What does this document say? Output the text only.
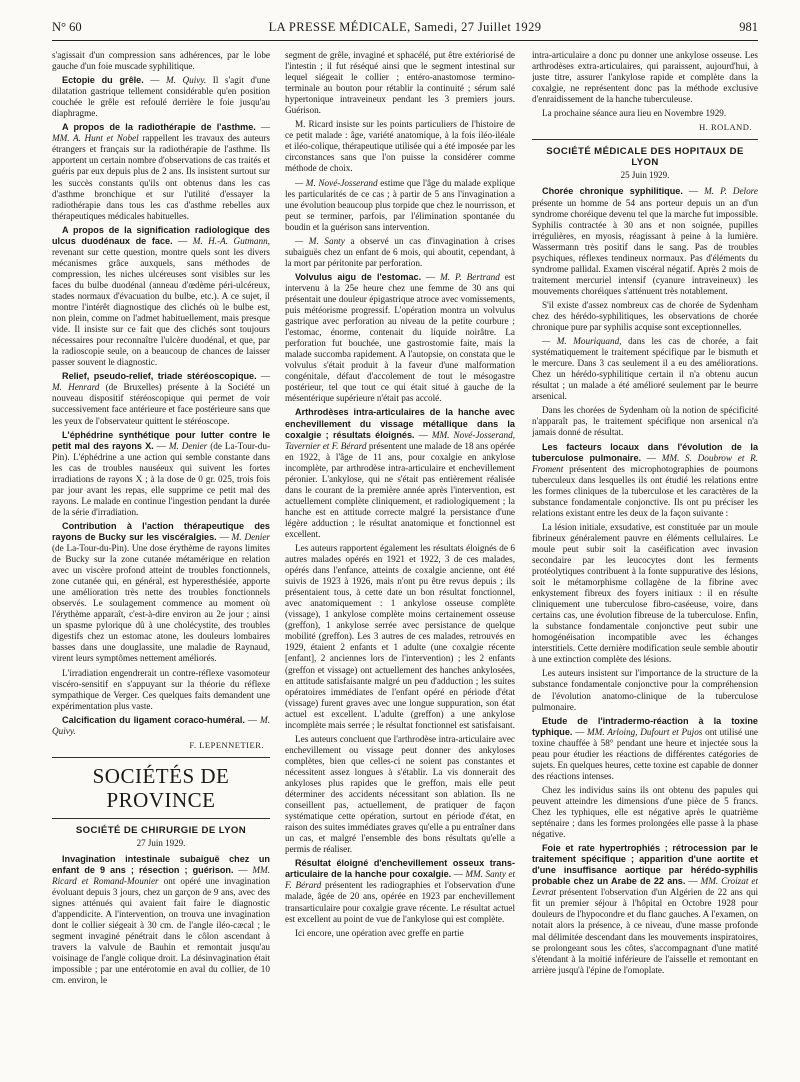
N° 60	LA PRESSE MÉDICALE, Samedi, 27 Juillet 1929	981

s'agissait d'un compression sans adhérences, par le lobe gauche d'un foie muscade syphilitique.

Ectopie du grêle. — M. Quivy. Il s'agit d'une dilatation gastrique tellement considérable qu'en position couchée le grêle est refoulé derrière le foie jusqu'au diaphragme.

A propos de la radiothérapie de l'asthme. — MM. A. Hunt et Nobel rappellent les travaux des auteurs étrangers et français sur la radiothérapie de l'asthme. Ils apportent un certain nombre d'observations de cas traités et guéris par eux depuis plus de 2 ans. Ils insistent surtout sur les succès constants qu'ils ont obtenus dans les cas d'asthme bronchique et sur l'utilité d'essayer la radiothérapie dans tous les cas d'asthme rebelles aux thérapeutiques médicales habituelles.

A propos de la signification radiologique des ulcus duodénaux de face. — M. H.-A. Gutmann, revenant sur cette question, montre quels sont les divers mécanismes grâce auxquels, sans méthodes de compression, les niches ulcéreuses sont visibles sur les faces du bulbe duodénal (anneau d'œdème péri-ulcéreux, stades normaux d'évacuation du bulbe, etc.). A ce sujet, il montre l'intérêt diagnostique des clichés où le bulbe est, non plein, comme on l'admet habituellement, mais presque vide. Il insiste sur ce fait que des clichés sont toujours nécessaires pour reconnaître l'ulcère duodénal, et que, par la radioscopie seule, on a beaucoup de chances de laisser passer souvent le diagnostic.

Relief, pseudo-relief, triade stéréoscopique. — M. Henrard (de Bruxelles) présente à la Société un nouveau dispositif stéréoscopique qui permet de voir successivement face antérieure et face postérieure sans que les yeux de l'observateur quittent le stéréoscope.

L'éphédrine synthétique pour lutter contre le petit mal des rayons X. — M. Denier (de La-Tour-du-Pin). L'éphédrine a une action qui semble constante dans les cas de troubles nauséeux qui suivent les fortes irradiations de rayons X ; à la dose de 0 gr. 025, trois fois par jour avant les repas, elle supprime ce petit mal des rayons. Le malade en continue l'ingestion pendant la durée de la série d'irradiation.

Contribution à l'action thérapeutique des rayons de Bucky sur les viscéralgies. — M. Denier (de La-Tour-du-Pin). Une dose érythème de rayons limites de Bucky sur la zone cutanée métamérique en relation avec un viscère profond atteint de troubles fonctionnels, zone cutanée qui, en général, est hyperesthésiée, apporte une amélioration très nette des troubles fonctionnels observés. Le soulagement commence au moment où l'érythème apparaît, c'est-à-dire environ au 2e jour ; ainsi un spasme pylorique dû à une cholécystite, des troubles digestifs chez un estomac atone, les douleurs lombaires basses dans une douglassite, une maladie de Raynaud, virent leurs symptômes nettement améliorés.

L'irradiation engendrerait un contre-réflexe vasomoteur viscéro-sensitif en s'appuyant sur la théorie du réflexe sympathique de Verger. Ces quelques faits demandent une expérimentation plus vaste.

Calcification du ligament coraco-huméral. — M. Quivy.

F. LEPENNETIER.
SOCIÉTÉS DE PROVINCE
SOCIÉTÉ DE CHIRURGIE DE LYON
27 Juin 1929.

Invagination intestinale subaiguë chez un enfant de 9 ans ; résection ; guérison. — MM. Ricard et Romand-Mounier ont opéré une invagination évoluant depuis 3 jours, chez un garçon de 9 ans, avec des signes atténués qui avaient fait faire le diagnostic d'appendicite. A l'intervention, on trouva une invagination dont le collier siégeait à 30 cm. de l'angle iléo-cæcal ; le segment invaginé pénétrait dans le côlon ascendant à travers la valvule de Bauhin et remontait jusqu'au voisinage de l'angle colique droit. La désinvagination était impossible ; par une entérotomie en aval du collier, de 10 cm. environ, le

segment de grêle, invaginé et sphacélé, put être extériorisé de l'intestin ; il fut réséqué ainsi que le segment intestinal sur lequel siégeait le collier ; entéro-anastomose termino-terminale au bouton pour rétablir la continuité ; sérum salé hypertonique intraveineux pendant les 3 premiers jours. Guérison.

M. Ricard insiste sur les points particuliers de l'histoire de ce petit malade : âge, variété anatomique, à la fois iléo-iléale et iléo-colique, thérapeutique utilisée qui a été imposée par les circonstances sans que l'on puisse la considérer comme méthode de choix.

— M. Nové-Josserand estime que l'âge du malade explique les particularités de ce cas ; à partir de 5 ans l'invagination a une évolution beaucoup plus torpide que chez le nourrisson, et peut se terminer, parfois, par l'élimination spontanée du boudin et la guérison sans intervention.

— M. Santy a observé un cas d'invagination à crises subaiguës chez un enfant de 6 mois, qui aboutit, cependant, à la mort par péritonite par perforation.

Volvulus aigu de l'estomac. — M. P. Bertrand est intervenu à la 25e heure chez une femme de 30 ans qui présentait une douleur épigastrique atroce avec vomissements, puis météorisme progressif. L'opération montra un volvulus gastrique avec perforation au niveau de la petite courbure ; l'estomac, énorme, contenait du liquide noirâtre. La perforation fut bouchée, une gastrostomie faite, mais la malade succomba rapidement. A l'autopsie, on constata que le volvulus s'était produit à la faveur d'une malformation congénitale, défaut d'accolement de tout le mésogastre postérieur, tel que tout ce qui était situé à gauche de la mésentérique supérieure n'était pas accolé.

Arthrodèses intra-articulaires de la hanche avec enchevillement du vissage métallique dans la coxalgie ; résultats éloignés. — MM. Nové-Josserand, Tavernier et F. Bérard présentent une malade de 18 ans opérée en 1922, à l'âge de 11 ans, pour coxalgie en ankylose incomplète, par arthrodèse intra-articulaire et enchevillement péronier. L'ankylose, qui ne s'était pas entièrement réalisée dans le courant de la première année après l'intervention, est actuellement complète cliniquement, et radiologiquement ; la hanche est en attitude correcte malgré la persistance d'une légère adduction ; le résultat anatomique et fonctionnel est excellent.

Les auteurs rapportent également les résultats éloignés de 6 autres malades opérés en 1921 et 1922, 3 de ces malades, opérés dans l'enfance, atteints de coxalgie ancienne, ont été suivis de 1923 à 1926, mais n'ont pu être revus depuis ; ils présentaient tous, à cette date un bon résultat fonctionnel, avec anatomiquement : 1 ankylose osseuse complète (vissage), 1 ankylose complète moins certainement osseuse (greffon), 1 ankylose serrée avec persistance de quelque mobilité (greffon). Les 3 autres de ces malades, retrouvés en 1929, étaient 2 enfants et 1 adulte (une coxalgie récente [enfant], 2 anciennes lors de l'intervention) ; les 2 enfants (greffon et vissage) ont actuellement des hanches ankylosées, en attitude satisfaisante malgré un peu d'adduction ; les suites opératoires immédiates de l'enfant opéré en période d'état (vissage) furent graves avec une longue suppuration, son état actuel est excellent. L'adulte (greffon) a une ankylose incomplète mais serrée ; le résultat fonctionnel est satisfaisant.

Les auteurs concluent que l'arthrodèse intra-articulaire avec enchevillement ou vissage peut donner des ankyloses complètes, bien que celles-ci ne soient pas constantes et nécessitent assez longues à s'établir. La vis donnerait des ankyloses plus rapides que le greffon, mais elle peut déterminer des accidents nécessitant son ablation. Ils ne conseillent pas, actuellement, de pratiquer de façon systématique cette opération, surtout en période d'état, en raison des suites immédiates graves qu'elle a pu entraîner dans un cas, et malgré l'ensemble des bons résultats qu'elle a permis de réaliser.

Résultat éloigné d'enchevillement osseux trans-articulaire de la hanche pour coxalgie. — MM. Santy et F. Bérard présentent les radiographies et l'observation d'une malade, âgée de 20 ans, opérée en 1923 par enchevillement transarticulaire pour coxalgie grave récente. Le résultat actuel est excellent au point de vue de l'ankylose qui est complète.

Ici encore, une opération avec greffe en partie

intra-articulaire a donc pu donner une ankylose osseuse. Les arthrodèses extra-articulaires, qui paraissent, aujourd'hui, à juste titre, assurer l'ankylose rapide et complète dans la coxalgie, ne représentent donc pas la méthode exclusive d'enraidissement de la hanche tuberculeuse.

La prochaine séance aura lieu en Novembre 1929.

H. ROLAND.
SOCIÉTÉ MÉDICALE DES HOPITAUX DE LYON
25 Juin 1929.

Chorée chronique syphilitique. — M. P. Delore présente un homme de 54 ans porteur depuis un an d'un syndrome choréique devenu tel que la marche fut impossible. Syphilis contractée à 30 ans et non soignée, pupilles irrégulières, en myosis, réagissant à peine à la lumière. Wassermann très positif dans le sang. Pas de troubles psychiques, réflexes tendineux normaux. Pas d'éléments du syndrome pallidal. Examen viscéral négatif. Après 2 mois de traitement mercuriel intensif (cyanure intraveineux) les mouvements choréiques s'atténuent très notablement.

S'il existe d'assez nombreux cas de chorée de Sydenham chez des hérédo-syphilitiques, les observations de chorée chronique pure par syphilis acquise sont exceptionnelles.

— M. Mouriquand, dans les cas de chorée, a fait systématiquement le traitement spécifique par le bismuth et le mercure. Dans 3 cas seulement il a eu des améliorations. Chez un hérédo-syphilitique certain il n'a obtenu aucun résultat ; un malade a été amélioré seulement par le beurre arsenical.

Dans les chorées de Sydenham où la notion de spécificité n'apparaît pas, le traitement spécifique non arsenical n'a jamais donné de résultat.

Les facteurs locaux dans l'évolution de la tuberculose pulmonaire. — MM. S. Doubrow et R. Froment présentent des microphotographies de poumons tuberculeux dans lesquelles ils ont étudié les relations entre les formes cliniques de la tuberculose et les caractères de la substance fondamentale conjonctive. Ils ont pu préciser les relations existant entre les deux de la façon suivante :

La lésion initiale, exsudative, est constituée par un moule fibrineux généralement pauvre en éléments cellulaires. Le moule peut subir soit la caséification avec invasion secondaire par les leucocytes dont les ferments protéolytiques contribuent à la fonte suppurative des lésions, soit le métamorphisme collagène de la fibrine avec enkystement fibreux des foyers initiaux : il en résulte cliniquement une tuberculose fibro-caséeuse, voire, dans certains cas, une évolution fibreuse de la tuberculose. Enfin, la substance fondamentale conjonctive peut subir une homogénéisation incompatible avec les échanges interstitiels. Cette dernière modification seule semble aboutir à une extinction complète des lésions.

Les auteurs insistent sur l'importance de la structure de la substance fondamentale conjonctive pour la compréhension de l'évolution anatomo-clinique de la tuberculose pulmonaire.

Etude de l'intradermo-réaction à la toxine typhique. — MM. Arloing, Dufourt et Pujos ont utilisé une toxine chauffée à 58° pendant une heure et injectée sous la peau pour étudier les réactions de différentes catégories de sujets. En quelques heures, cette toxine est capable de donner des réactions intenses.

Chez les individus sains ils ont obtenu des papules qui peuvent atteindre les dimensions d'une pièce de 5 francs. Chez les typhiques, elle est négative après le quatrième septénaire ; dans les formes prolongées elle passe à la phase négative.

Foie et rate hypertrophiés ; rétrocession par le traitement spécifique ; apparition d'une aortite et d'une insuffisance aortique par hérédo-syphilis probable chez un Arabe de 22 ans. — MM. Croizat et Levrat présentent l'observation d'un Algérien de 22 ans qui fit un premier séjour à l'hôpital en Octobre 1928 pour douleurs de l'hypocondre et du flanc gauches. A l'examen, on notait alors la présence, à ce niveau, d'une masse profonde mal délimitée descendant dans les mouvements inspiratoires, se prolongeant sous les côtes, s'accompagnant d'une matité s'étendant à la moitié inférieure de l'aisselle et remontant en arrière jusqu'à l'épine de l'omoplate.
